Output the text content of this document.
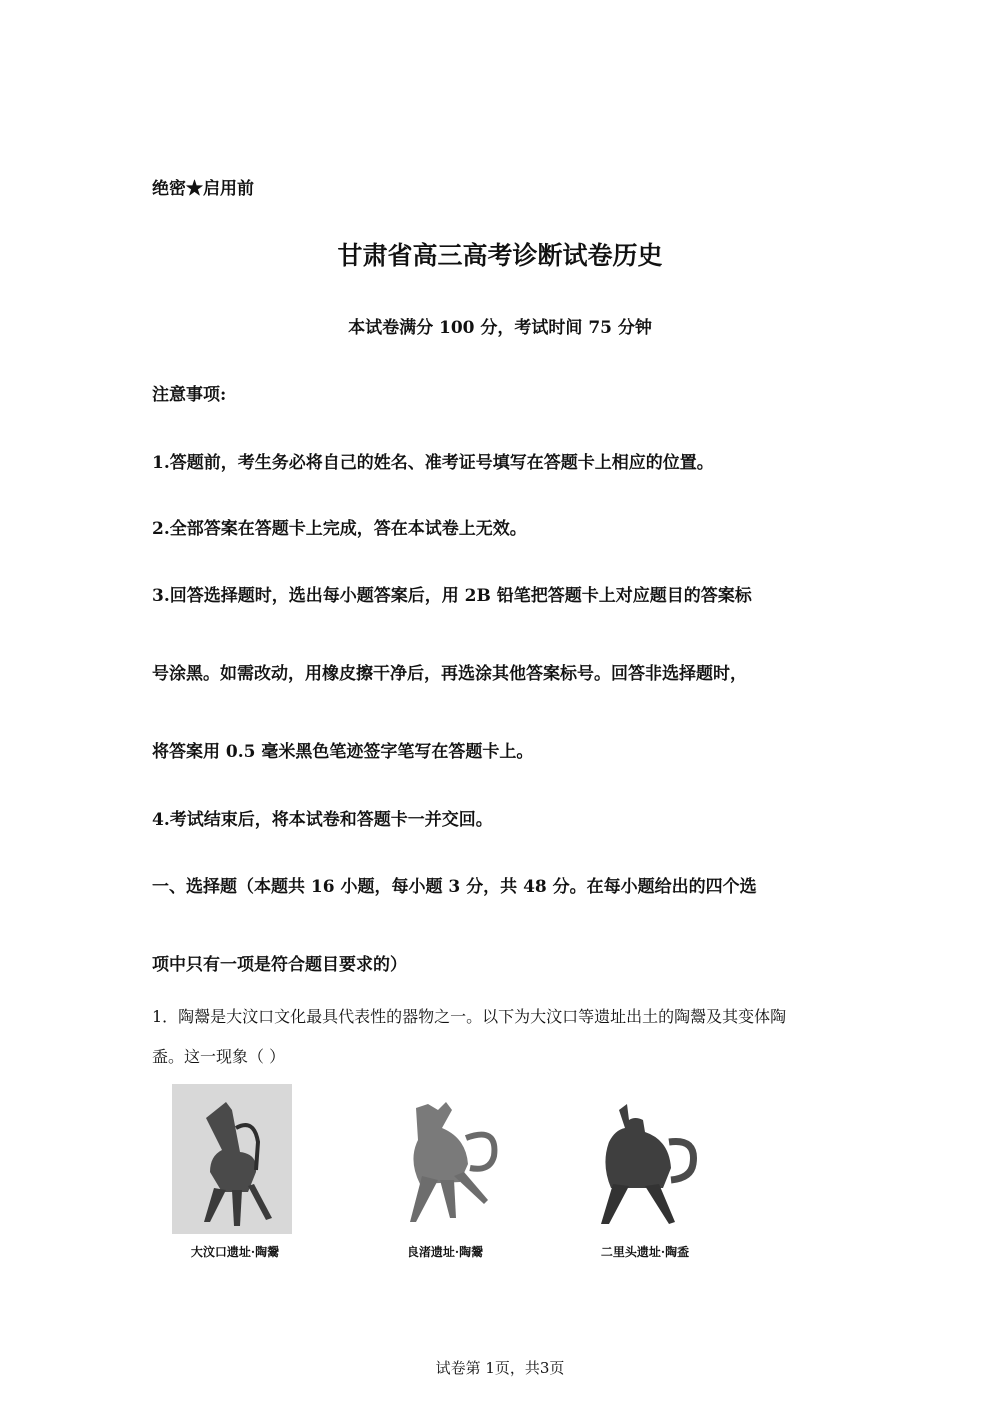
绝密★启用前
甘肃省高三高考诊断试卷历史
本试卷满分 100 分，考试时间 75 分钟
注意事项:
1.答题前，考生务必将自己的姓名、准考证号填写在答题卡上相应的位置。
2.全部答案在答题卡上完成，答在本试卷上无效。
3.回答选择题时，选出每小题答案后，用 2B 铅笔把答题卡上对应题目的答案标
号涂黑。如需改动，用橡皮擦干净后，再选涂其他答案标号。回答非选择题时，
将答案用 0.5 毫米黑色笔迹签字笔写在答题卡上。
4.考试结束后，将本试卷和答题卡一并交回。
一、选择题（本题共 16 小题，每小题 3 分，共 48 分。在每小题给出的四个选
项中只有一项是符合题目要求的）
1．陶鬶是大汶口文化最具代表性的器物之一。以下为大汶口等遗址出土的陶鬶及其变体陶
盉。这一现象（ ）
大汶口遗址·陶鬶	良渚遗址·陶鬶	二里头遗址·陶盉
试卷第 1页，共3页
